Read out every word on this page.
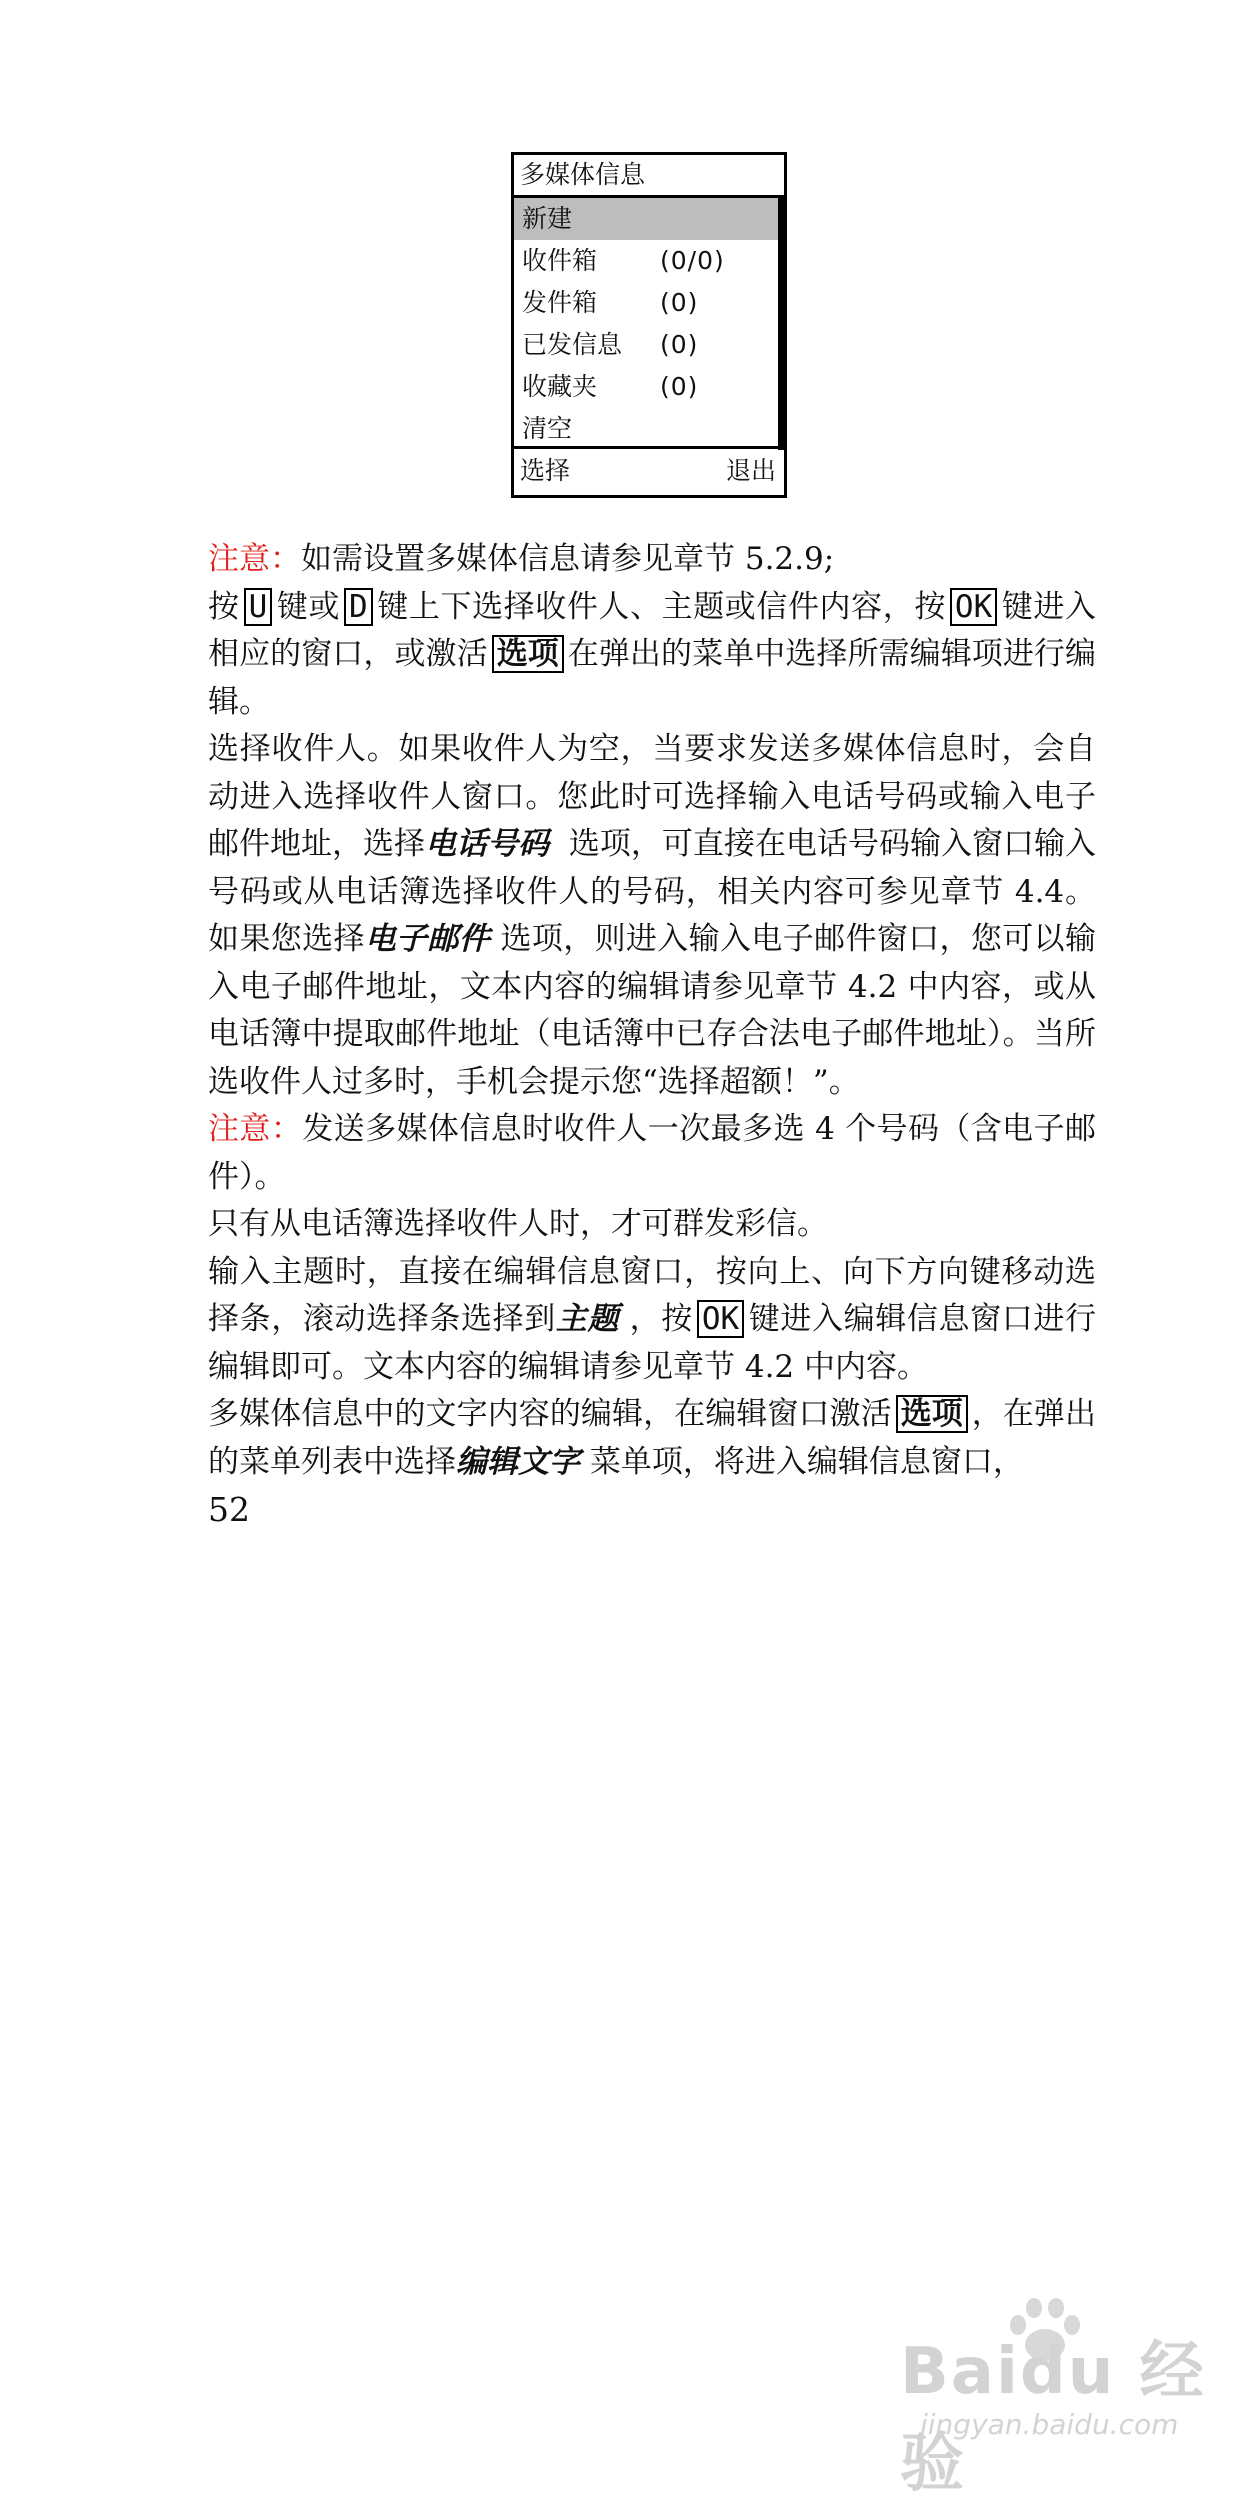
多媒体信息
新建
收件箱	(0/0)
发件箱	(0)
已发信息 (0)
收藏夹	(0)
清空
选择	退出

注意：如需设置多媒体信息请参见章节 5.2.9;

按 U 键或 D 键上下选择收件人、主题或信件内容，按 OK 键进入相应的窗口，或激活 选项 在弹出的菜单中选择所需编辑项进行编辑。

选择收件人。如果收件人为空，当要求发送多媒体信息时，会自动进入选择收件人窗口。您此时可选择输入电话号码或输入电子邮件地址，选择电话号码 选项，可直接在电话号码输入窗口输入号码或从电话簿选择收件人的号码，相关内容可参见章节 4.4。如果您选择电子邮件 选项，则进入输入电子邮件窗口，您可以输入电子邮件地址，文本内容的编辑请参见章节 4.2 中内容，或从电话簿中提取邮件地址（电话簿中已存合法电子邮件地址）。当所选收件人过多时，手机会提示您“选择超额！”。

注意：发送多媒体信息时收件人一次最多选 4 个号码（含电子邮件）。

只有从电话簿选择收件人时，才可群发彩信。

输入主题时，直接在编辑信息窗口，按向上、向下方向键移动选择条，滚动选择条选择到主题 ，按 OK 键进入编辑信息窗口进行编辑即可。文本内容的编辑请参见章节 4.2 中内容。

多媒体信息中的文字内容的编辑，在编辑窗口激活 选项 ，在弹出的菜单列表中选择编辑文字 菜单项，将进入编辑信息窗口，

52
Baidu 经验
jingyan.baidu.com
